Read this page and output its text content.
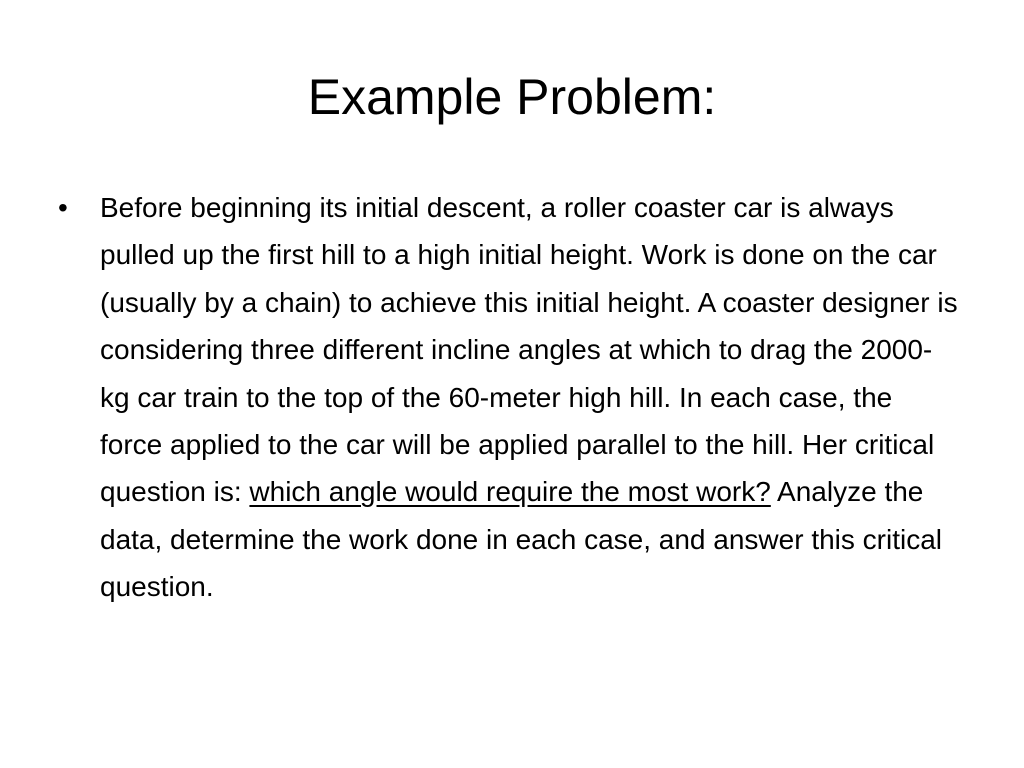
Example Problem:
•	Before beginning its initial descent, a roller coaster car is always pulled up the first hill to a high initial height. Work is done on the car (usually by a chain) to achieve this initial height. A coaster designer is considering three different incline angles at which to drag the 2000-kg car train to the top of the 60-meter high hill. In each case, the force applied to the car will be applied parallel to the hill. Her critical question is: which angle would require the most work? Analyze the data, determine the work done in each case, and answer this critical question.
